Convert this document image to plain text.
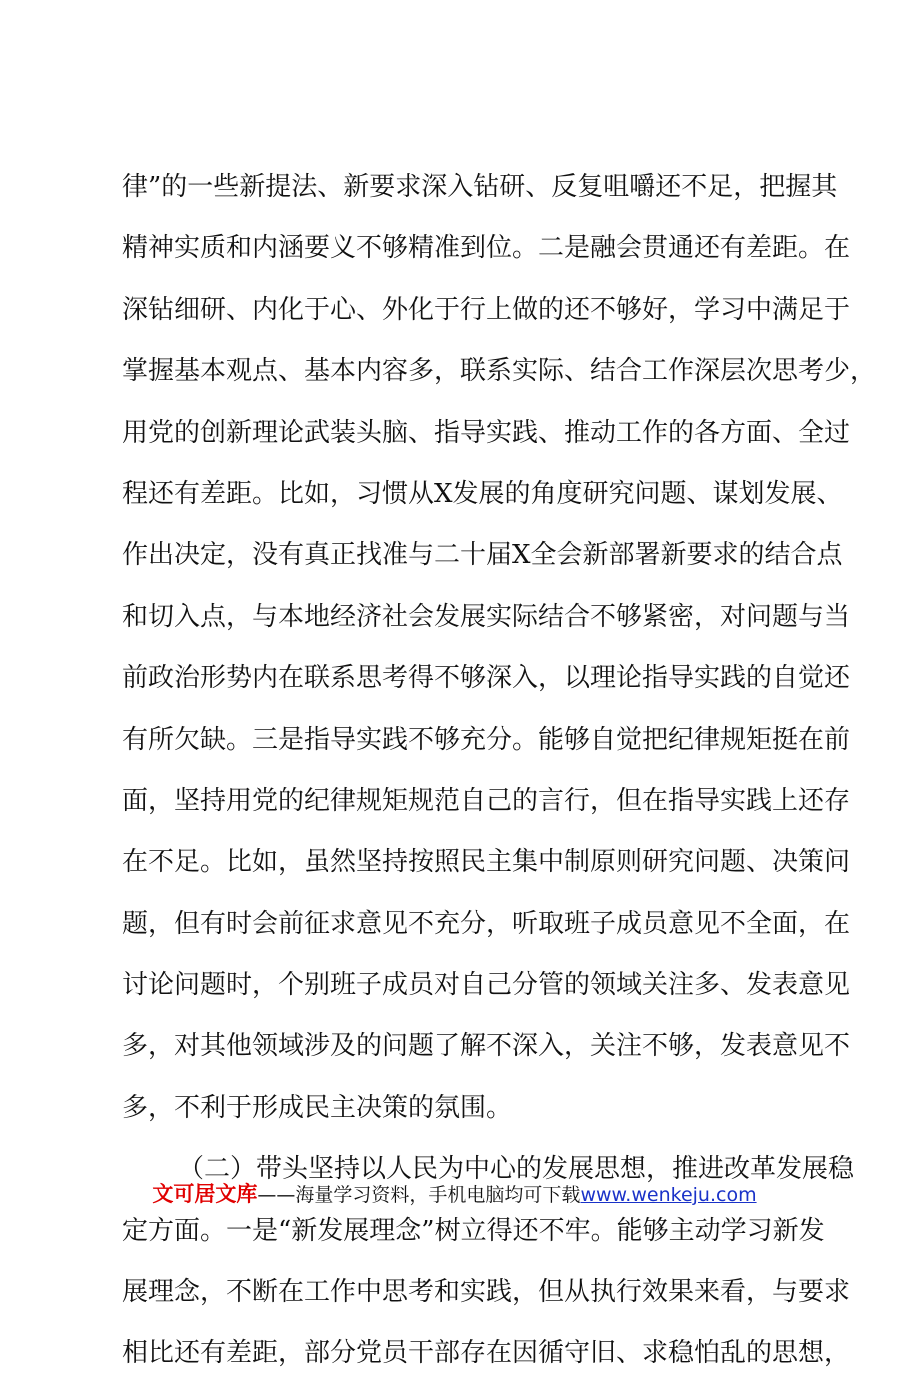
律”的一些新提法、新要求深入钻研、反复咀嚼还不足，把握其
精神实质和内涵要义不够精准到位。二是融会贯通还有差距。在
深钻细研、内化于心、外化于行上做的还不够好，学习中满足于
掌握基本观点、基本内容多，联系实际、结合工作深层次思考少，
用党的创新理论武装头脑、指导实践、推动工作的各方面、全过
程还有差距。比如，习惯从X发展的角度研究问题、谋划发展、
作出决定，没有真正找准与二十届X全会新部署新要求的结合点
和切入点，与本地经济社会发展实际结合不够紧密，对问题与当
前政治形势内在联系思考得不够深入，以理论指导实践的自觉还
有所欠缺。三是指导实践不够充分。能够自觉把纪律规矩挺在前
面，坚持用党的纪律规矩规范自己的言行，但在指导实践上还存
在不足。比如，虽然坚持按照民主集中制原则研究问题、决策问
题，但有时会前征求意见不充分，听取班子成员意见不全面，在
讨论问题时，个别班子成员对自己分管的领域关注多、发表意见
多，对其他领域涉及的问题了解不深入，关注不够，发表意见不
多，不利于形成民主决策的氛围。
（二）带头坚持以人民为中心的发展思想，推进改革发展稳
定方面。一是“新发展理念”树立得还不牢。能够主动学习新发
展理念，不断在工作中思考和实践，但从执行效果来看，与要求
相比还有差距，部分党员干部存在因循守旧、求稳怕乱的思想，
文可居文库——海量学习资料，手机电脑均可下载www.wenkeju.com
